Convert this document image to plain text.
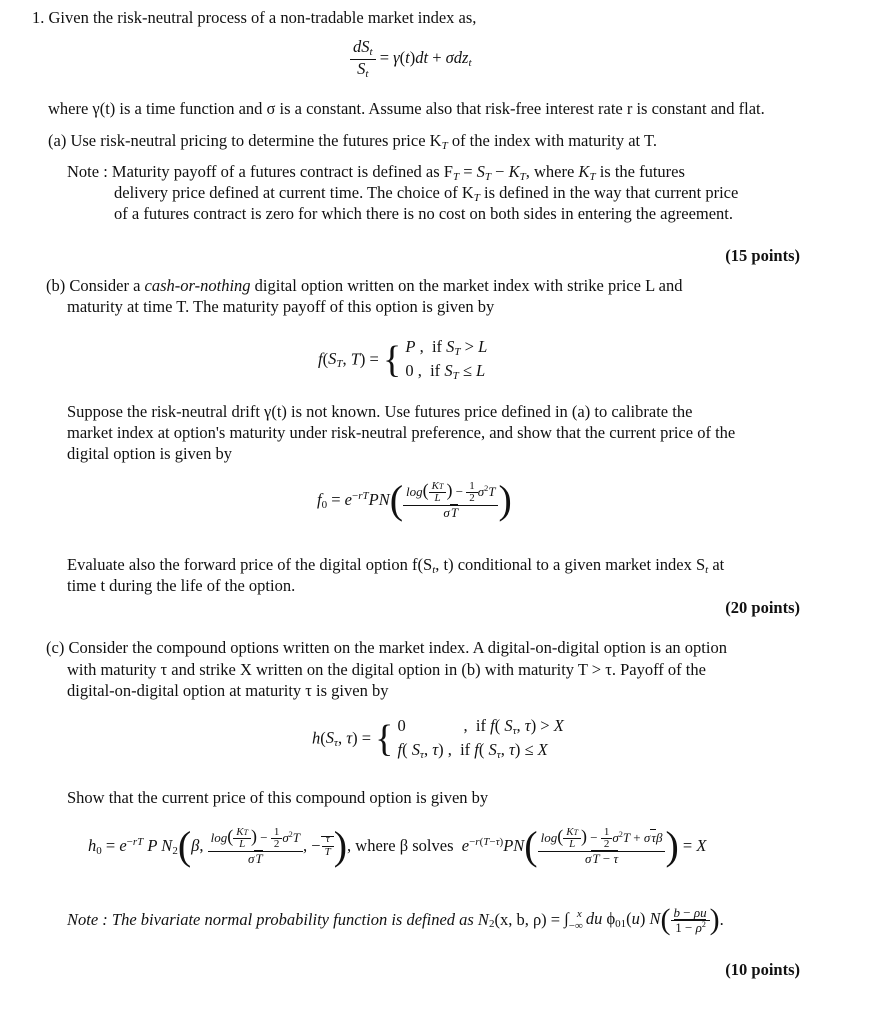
1. Given the risk-neutral process of a non-tradable market index as,
$\frac{dS_t}{S_t} = \gamma(t)dt + \sigma dz_t$
where γ(t) is a time function and σ is a constant. Assume also that risk-free interest rate r is constant and flat.
(a) Use risk-neutral pricing to determine the futures price $K_T$ of the index with maturity at T.
Note : Maturity payoff of a futures contract is defined as $F_T = S_T - K_T$, where $K_T$ is the futures
delivery price defined at current time. The choice of $K_T$ is defined in the way that current price
of a futures contract is zero for which there is no cost on both sides in entering the agreement.
(15 points)
(b) Consider a cash-or-nothing digital option written on the market index with strike price L and
maturity at time T. The maturity payoff of this option is given by
$f(S_T$, T) = { P ,  if $S_T > L$
0 ,  if $S_T \le L$
Suppose the risk-neutral drift γ(t) is not known. Use futures price defined in (a) to calibrate the
market index at option's maturity under risk-neutral preference, and show that the current price of the
digital option is given by
$f_0 = e^{-rT}PN( \frac{\log( \frac{KT}{L} ) - \frac{1}{2} \sigma^2T}{\sigma T}$ )
Evaluate also the forward price of the digital option $f(S_t$, t) conditional to a given market index $S_t$ at
time t during the life of the option.
(20 points)
(c) Consider the compound options written on the market index. A digital-on-digital option is an option
with maturity τ and strike X written on the digital option in (b) with maturity T > τ. Payoff of the
digital-on-digital option at maturity τ is given by
$h(S_\tau$, τ) = { 0              ,  if f( $S_\tau$, τ) > X
f( $S_\tau$, τ) ,  if f( $S_\tau$, τ) ≤ X
Show that the current price of this compound option is given by
$h_0 = e^{-rT}$ P $N_2(\beta$, $\frac{\log( \frac{KT}{L} ) - \frac{1}{2} \sigma^2T}{\sigma T}$ , − $\frac{\tau}{T}$ ), where β solves $e^{-r(T-\tau)}PN( \frac{\log( \frac{KT}{L} ) - \frac{1}{2} \sigma^2T + \sigma\tau\beta}{\sigma T - \tau}$ ) = X
Note : The bivariate normal probability function is defined as $N_2(x$, b, $\rho) = \int_{-\infty}^x$ du $\phi_{01}(u)$ $N( \frac{b - \rho u}{1 - \rho^2}$ ).
(10 points)
